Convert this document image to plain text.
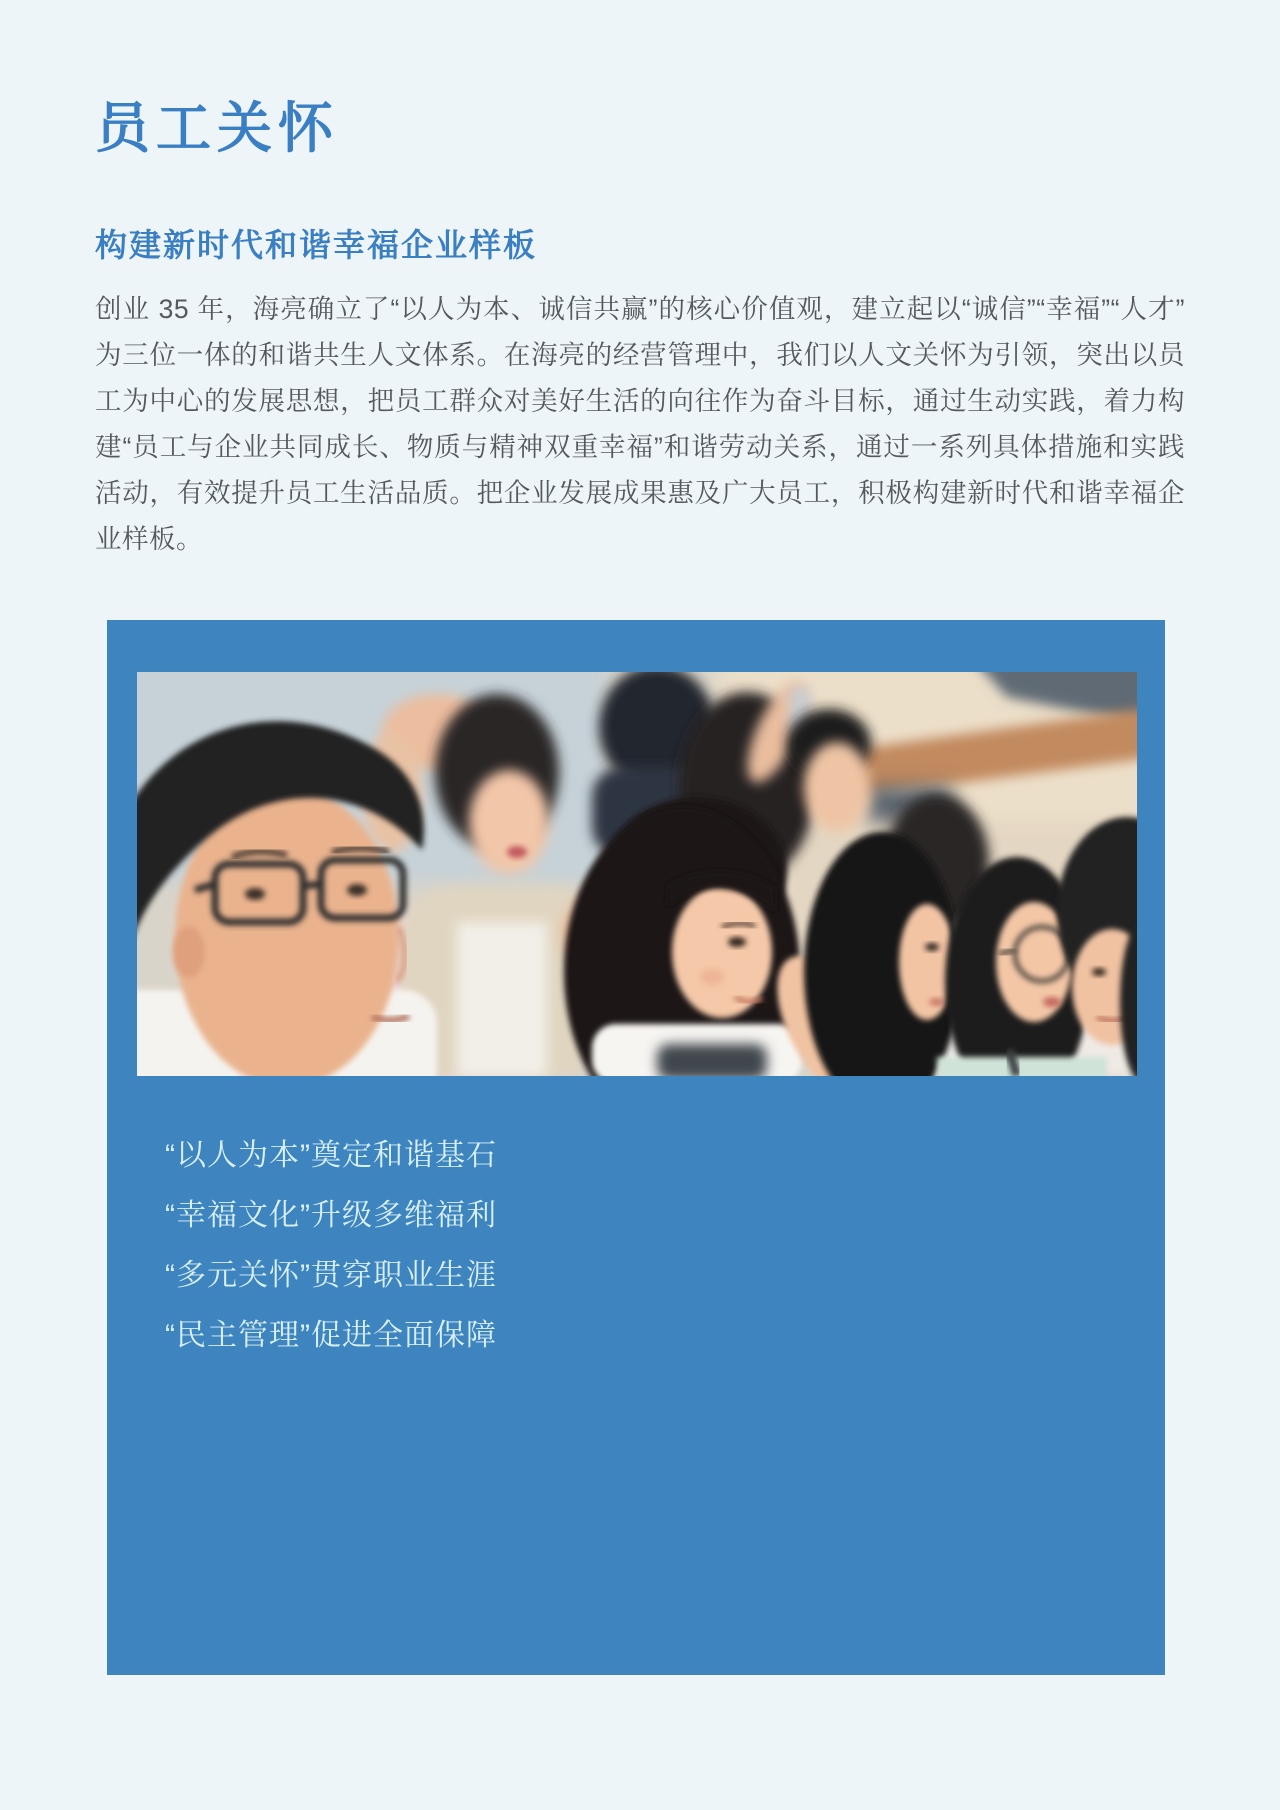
员工关怀
构建新时代和谐幸福企业样板

创业 35 年，海亮确立了“以人为本、诚信共赢”的核心价值观，建立起以“诚信”“幸福”“人才”为三位一体的和谐共生人文体系。在海亮的经营管理中，我们以人文关怀为引领，突出以员工为中心的发展思想，把员工群众对美好生活的向往作为奋斗目标，通过生动实践，着力构建“员工与企业共同成长、物质与精神双重幸福”和谐劳动关系，通过一系列具体措施和实践活动，有效提升员工生活品质。把企业发展成果惠及广大员工，积极构建新时代和谐幸福企业样板。

“以人为本”奠定和谐基石
“幸福文化”升级多维福利
“多元关怀”贯穿职业生涯
“民主管理”促进全面保障
